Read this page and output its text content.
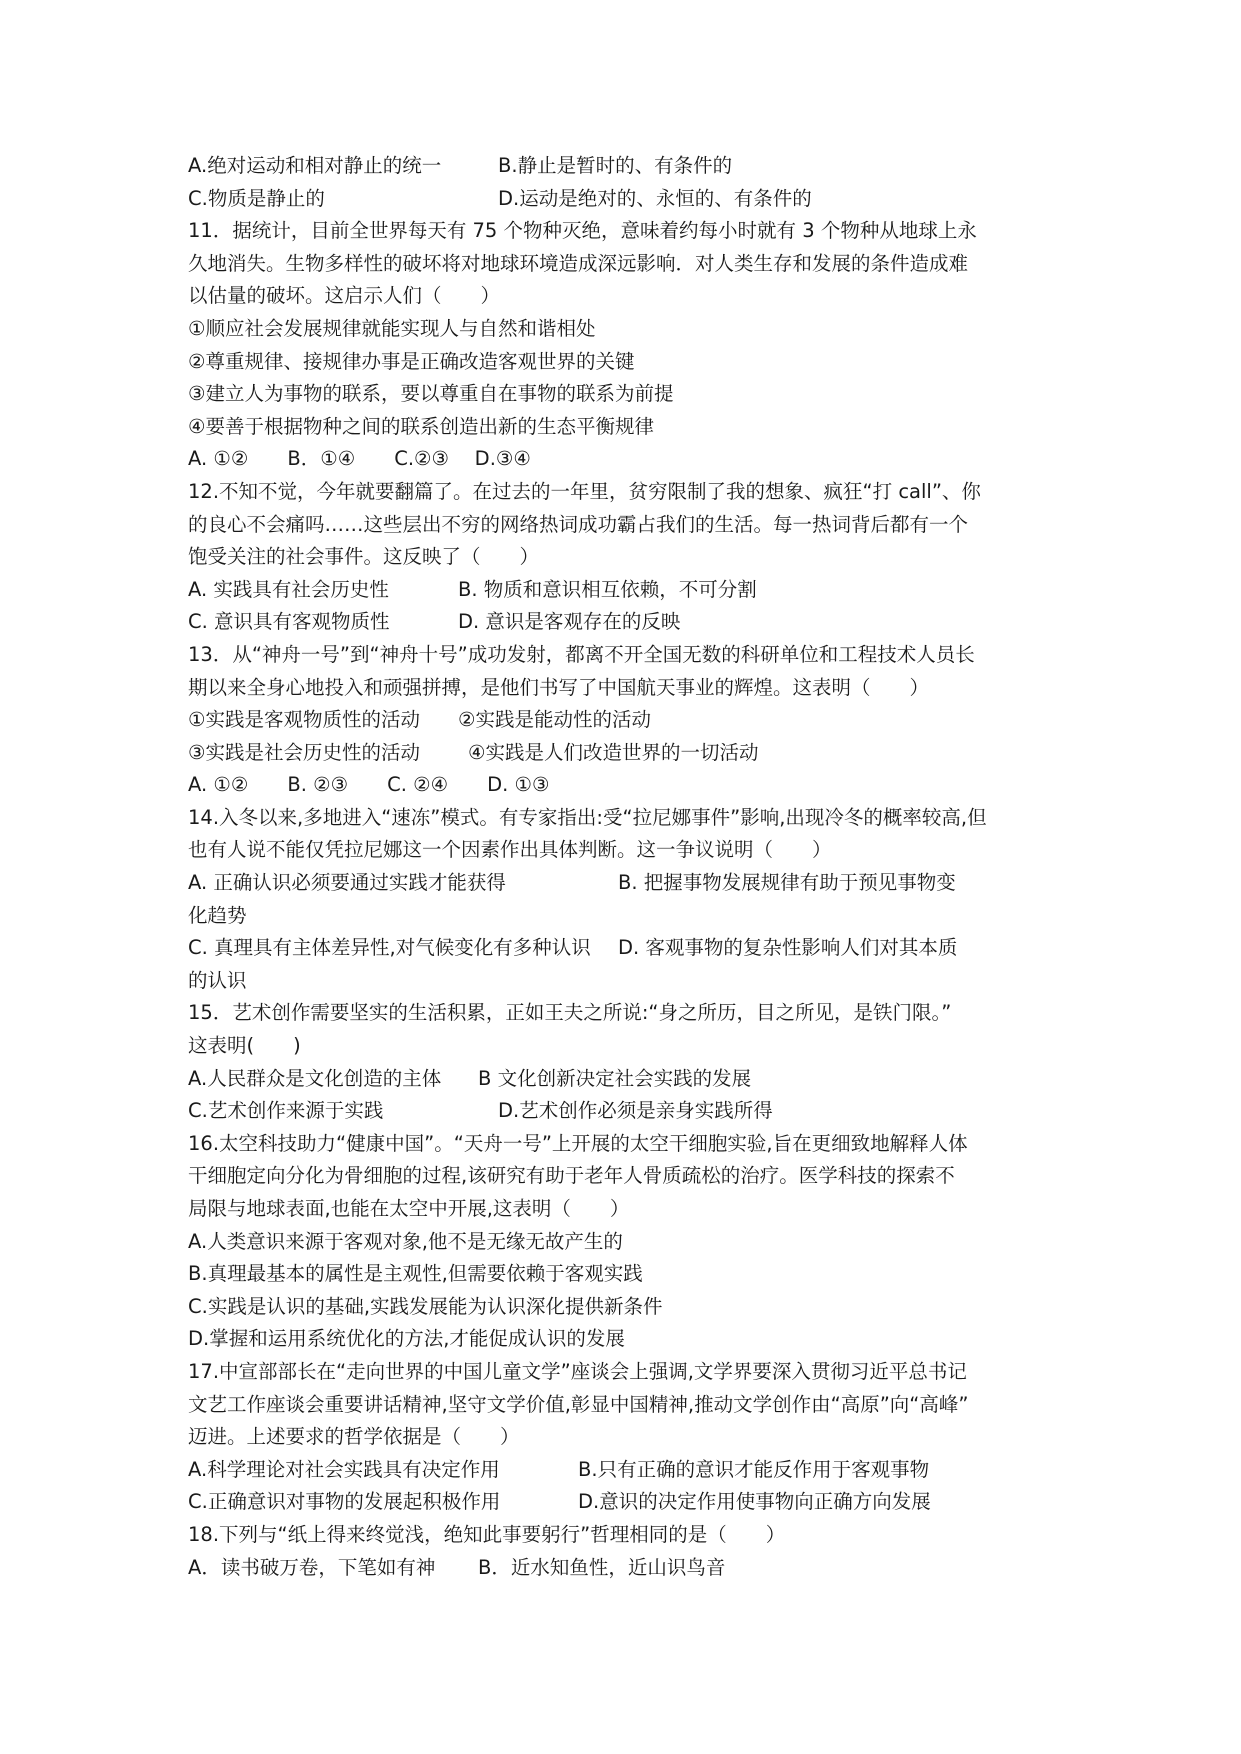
A.绝对运动和相对静止的统一	B.静止是暂时的、有条件的
C.物质是静止的	D.运动是绝对的、永恒的、有条件的
11．据统计，目前全世界每天有 75 个物种灭绝，意味着约每小时就有 3 个物种从地球上永
久地消失。生物多样性的破坏将对地球环境造成深远影响．对人类生存和发展的条件造成难
以估量的破坏。这启示人们（　　）
①顺应社会发展规律就能实现人与自然和谐相处
②尊重规律、接规律办事是正确改造客观世界的关键
③建立人为事物的联系，要以尊重自在事物的联系为前提
④要善于根据物种之间的联系创造出新的生态平衡规律
A. ①②　　B．①④　　C.②③　 D.③④
12.不知不觉，今年就要翻篇了。在过去的一年里，贫穷限制了我的想象、疯狂“打 call”、你
的良心不会痛吗……这些层出不穷的网络热词成功霸占我们的生活。每一热词背后都有一个
饱受关注的社会事件。这反映了（　　）
A. 实践具有社会历史性	B. 物质和意识相互依赖，不可分割
C. 意识具有客观物质性	D. 意识是客观存在的反映
13．从“神舟一号”到“神舟十号”成功发射，都离不开全国无数的科研单位和工程技术人员长
期以来全身心地投入和顽强拼搏，是他们书写了中国航天事业的辉煌。这表明（　　）
①实践是客观物质性的活动	②实践是能动性的活动
③实践是社会历史性的活动	④实践是人们改造世界的一切活动
A. ①②　　B. ②③　　C. ②④　　D. ①③
14.入冬以来,多地进入“速冻”模式。有专家指出:受“拉尼娜事件”影响,出现冷冬的概率较高,但
也有人说不能仅凭拉尼娜这一个因素作出具体判断。这一争议说明（　　）
A. 正确认识必须要通过实践才能获得	B. 把握事物发展规律有助于预见事物变
化趋势
C. 真理具有主体差异性,对气候变化有多种认识	D. 客观事物的复杂性影响人们对其本质
的认识
15．艺术创作需要坚实的生活积累，正如王夫之所说:“身之所历，目之所见，是铁门限。”
这表明(　　)
A.人民群众是文化创造的主体	B 文化创新决定社会实践的发展
C.艺术创作来源于实践	D.艺术创作必须是亲身实践所得
16.太空科技助力“健康中国”。“天舟一号”上开展的太空干细胞实验,旨在更细致地解释人体
干细胞定向分化为骨细胞的过程,该研究有助于老年人骨质疏松的治疗。医学科技的探索不
局限与地球表面,也能在太空中开展,这表明（　　）
A.人类意识来源于客观对象,他不是无缘无故产生的
B.真理最基本的属性是主观性,但需要依赖于客观实践
C.实践是认识的基础,实践发展能为认识深化提供新条件
D.掌握和运用系统优化的方法,才能促成认识的发展
17.中宣部部长在“走向世界的中国儿童文学”座谈会上强调,文学界要深入贯彻习近平总书记
文艺工作座谈会重要讲话精神,坚守文学价值,彰显中国精神,推动文学创作由“高原”向“高峰”
迈进。上述要求的哲学依据是（　　）
A.科学理论对社会实践具有决定作用	B.只有正确的意识才能反作用于客观事物
C.正确意识对事物的发展起积极作用	D.意识的决定作用使事物向正确方向发展
18.下列与“纸上得来终觉浅，绝知此事要躬行”哲理相同的是（　　）
A．读书破万卷，下笔如有神	B．近水知鱼性，近山识鸟音
